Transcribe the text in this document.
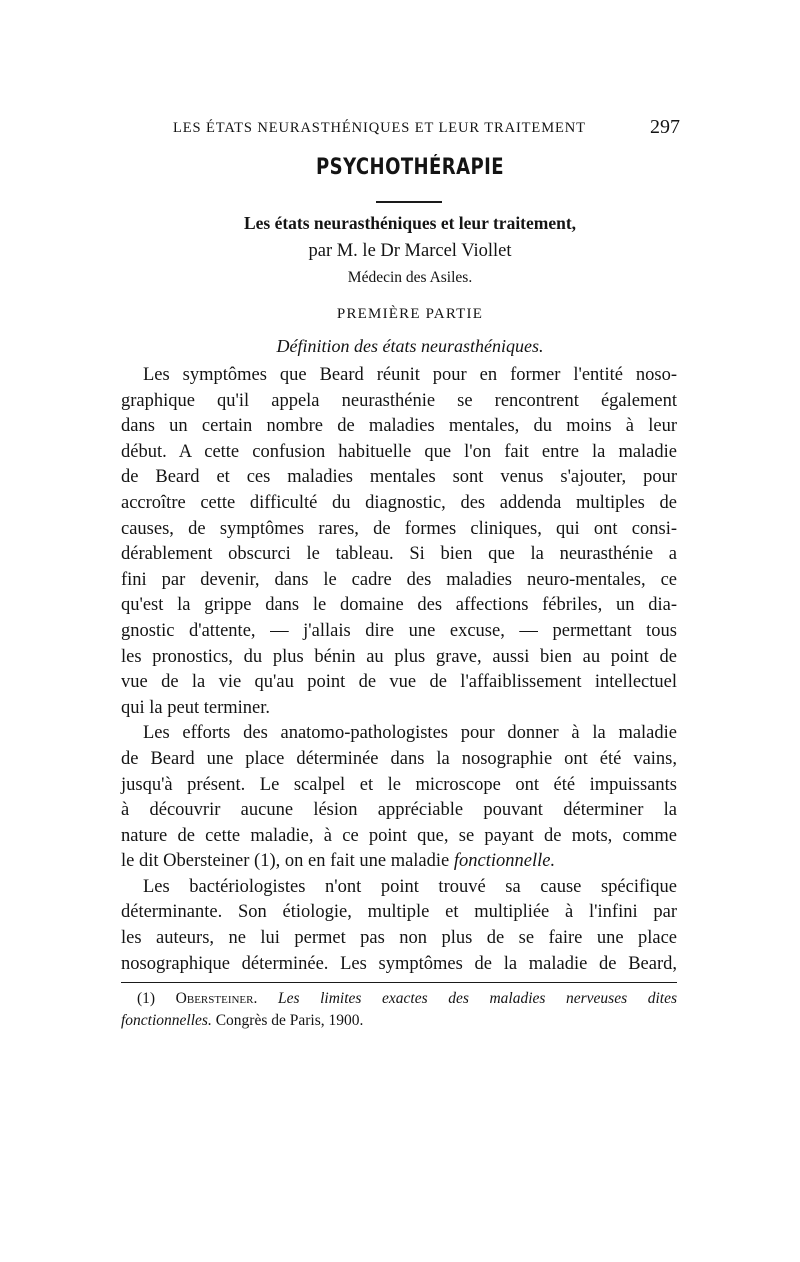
LES ÉTATS NEURASTHÉNIQUES ET LEUR TRAITEMENT	297
PSYCHOTHÉRAPIE
Les états neurasthéniques et leur traitement,
par M. le Dr Marcel Viollet
Médecin des Asiles.
PREMIÈRE PARTIE
Définition des états neurasthéniques.
Les symptômes que Beard réunit pour en former l'entité noso-
graphique qu'il appela neurasthénie se rencontrent également
dans un certain nombre de maladies mentales, du moins à leur
début. A cette confusion habituelle que l'on fait entre la maladie
de Beard et ces maladies mentales sont venus s'ajouter, pour
accroître cette difficulté du diagnostic, des addenda multiples de
causes, de symptômes rares, de formes cliniques, qui ont consi-
dérablement obscurci le tableau. Si bien que la neurasthénie a
fini par devenir, dans le cadre des maladies neuro-mentales, ce
qu'est la grippe dans le domaine des affections fébriles, un dia-
gnostic d'attente, — j'allais dire une excuse, — permettant tous
les pronostics, du plus bénin au plus grave, aussi bien au point de
vue de la vie qu'au point de vue de l'affaiblissement intellectuel
qui la peut terminer.
Les efforts des anatomo-pathologistes pour donner à la maladie
de Beard une place déterminée dans la nosographie ont été vains,
jusqu'à présent. Le scalpel et le microscope ont été impuissants
à découvrir aucune lésion appréciable pouvant déterminer la
nature de cette maladie, à ce point que, se payant de mots, comme
le dit Obersteiner (1), on en fait une maladie fonctionnelle.
Les bactériologistes n'ont point trouvé sa cause spécifique
déterminante. Son étiologie, multiple et multipliée à l'infini par
les auteurs, ne lui permet pas non plus de se faire une place
nosographique déterminée. Les symptômes de la maladie de Beard,
(1) Obersteiner. Les limites exactes des maladies nerveuses dites
fonctionnelles. Congrès de Paris, 1900.
